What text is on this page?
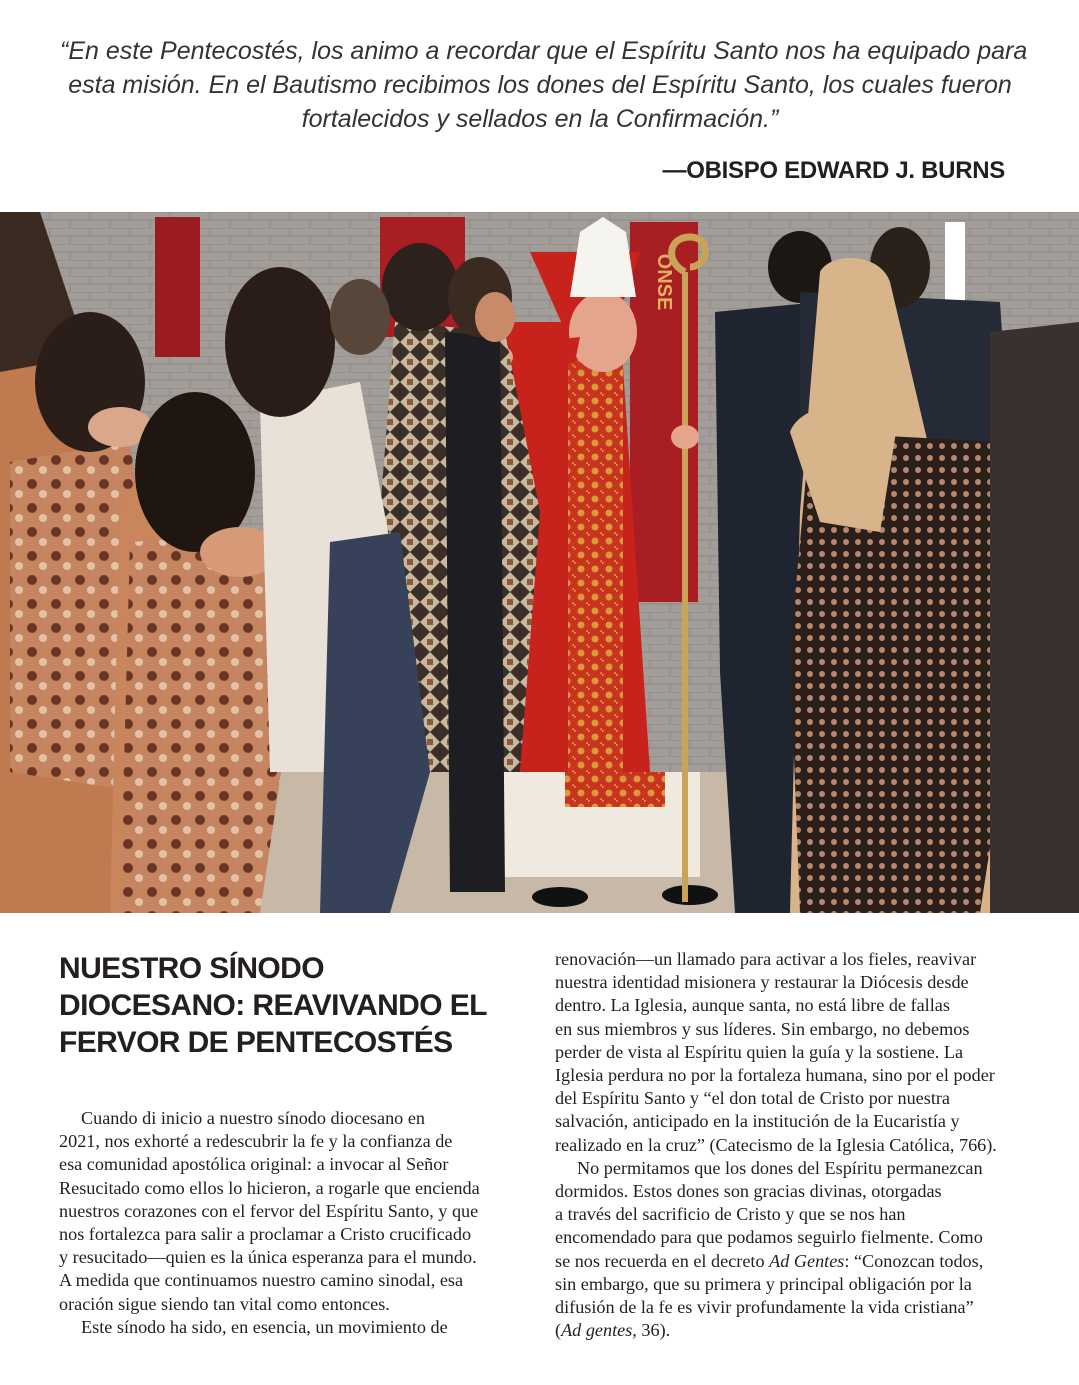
“En este Pentecostés, los animo a recordar que el Espíritu Santo nos ha equipado para
esta misión. En el Bautismo recibimos los dones del Espíritu Santo, los cuales fueron
fortalecidos y sellados en la Confirmación.”
—OBISPO EDWARD J. BURNS
ONSE
NUESTRO SÍNODO
DIOCESANO: REAVIVANDO EL
FERVOR DE PENTECOSTÉS
Cuando di inicio a nuestro sínodo diocesano en
2021, nos exhorté a redescubrir la fe y la confianza de
esa comunidad apostólica original: a invocar al Señor
Resucitado como ellos lo hicieron, a rogarle que encienda
nuestros corazones con el fervor del Espíritu Santo, y que
nos fortalezca para salir a proclamar a Cristo crucificado
y resucitado—quien es la única esperanza para el mundo.
A medida que continuamos nuestro camino sinodal, esa
oración sigue siendo tan vital como entonces.
Este sínodo ha sido, en esencia, un movimiento de
renovación—un llamado para activar a los fieles, reavivar
nuestra identidad misionera y restaurar la Diócesis desde
dentro. La Iglesia, aunque santa, no está libre de fallas
en sus miembros y sus líderes. Sin embargo, no debemos
perder de vista al Espíritu quien la guía y la sostiene. La
Iglesia perdura no por la fortaleza humana, sino por el poder
del Espíritu Santo y “el don total de Cristo por nuestra
salvación, anticipado en la institución de la Eucaristía y
realizado en la cruz” (Catecismo de la Iglesia Católica, 766).
No permitamos que los dones del Espíritu permanezcan
dormidos. Estos dones son gracias divinas, otorgadas
a través del sacrificio de Cristo y que se nos han
encomendado para que podamos seguirlo fielmente. Como
se nos recuerda en el decreto Ad Gentes: “Conozcan todos,
sin embargo, que su primera y principal obligación por la
difusión de la fe es vivir profundamente la vida cristiana”
(Ad gentes, 36).
